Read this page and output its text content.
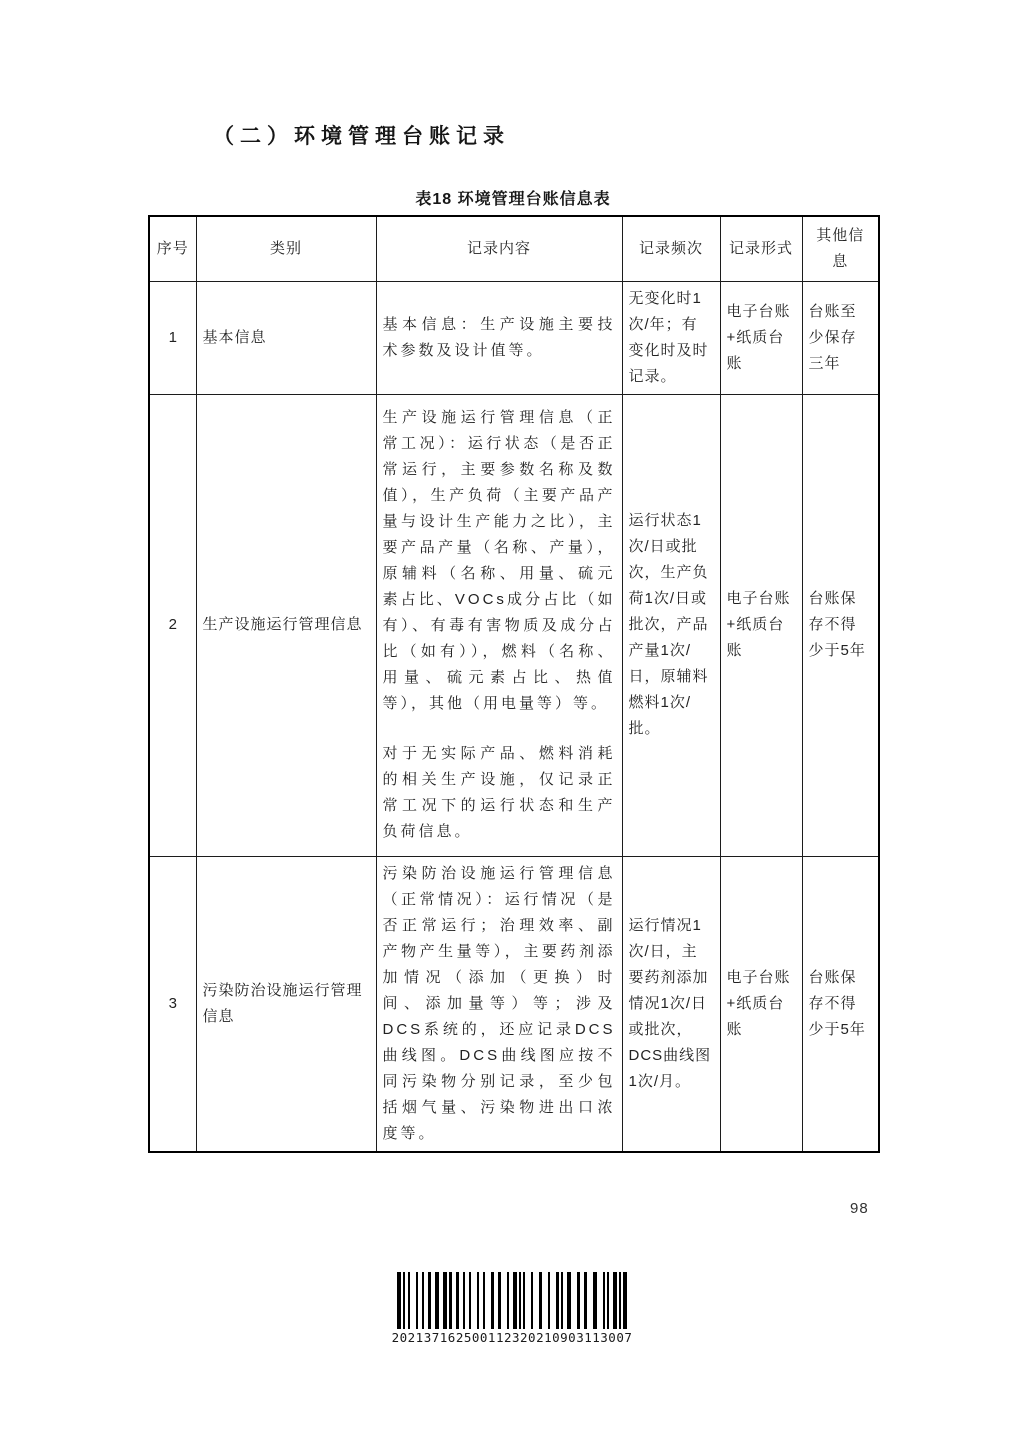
（二）环境管理台账记录
表18 环境管理台账信息表
序号	类别	记录内容	记录频次	记录形式	其他信息
1	基本信息	基本信息：生产设施主要技术参数及设计值等。	无变化时1次/年；有变化时及时记录。	电子台账+纸质台账	台账至少保存三年
2	生产设施运行管理信息	生产设施运行管理信息（正常工况）：运行状态（是否正常运行，主要参数名称及数值），生产负荷（主要产品产量与设计生产能力之比），主要产品产量（名称、产量），原辅料（名称、用量、硫元素占比、VOCs成分占比（如有）、有毒有害物质及成分占比（如有）），燃料（名称、用量、硫元素占比、热值等），其他（用电量等）等。

对于无实际产品、燃料消耗的相关生产设施，仅记录正常工况下的运行状态和生产负荷信息。	运行状态1次/日或批次，生产负荷1次/日或批次，产品产量1次/日，原辅料燃料1次/批。	电子台账+纸质台账	台账保存不得少于5年
3	污染防治设施运行管理信息	污染防治设施运行管理信息（正常情况）：运行情况（是否正常运行；治理效率、副产物产生量等），主要药剂添加情况（添加（更换）时间、添加量等）等；涉及DCS系统的，还应记录DCS曲线图。DCS曲线图应按不同污染物分别记录，至少包括烟气量、污染物进出口浓度等。	运行情况1次/日，主要药剂添加情况1次/日或批次，DCS曲线图1次/月。	电子台账+纸质台账	台账保存不得少于5年
98
202137162500112320210903113007
